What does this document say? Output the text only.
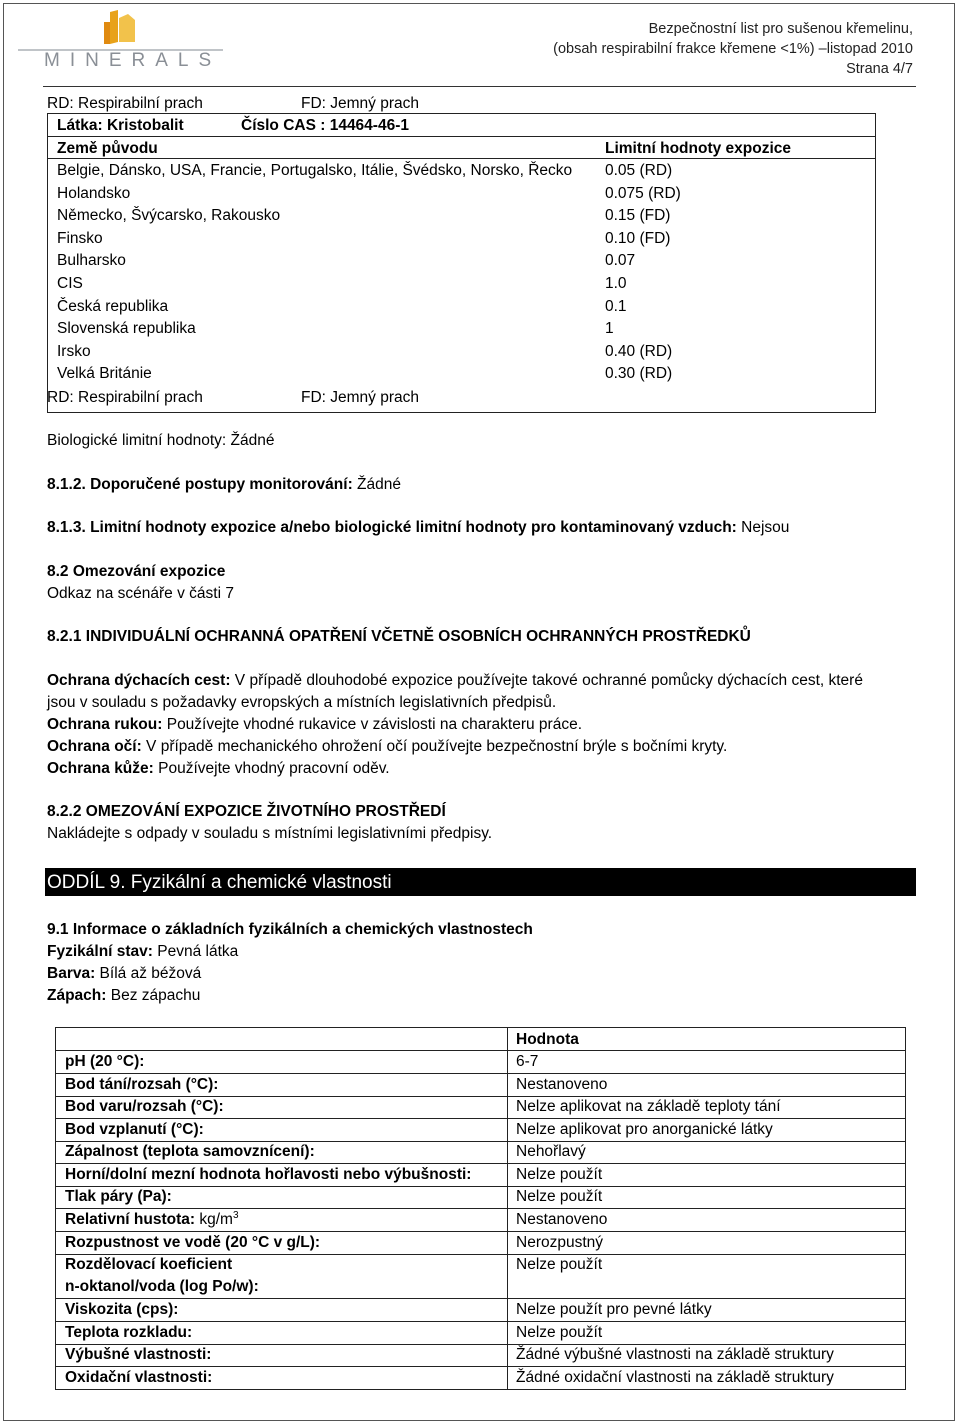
MINERALS
Bezpečnostní list pro sušenou křemelinu,
(obsah respirabilní frakce křemene <1%) –listopad 2010
Strana 4/7
RD: Respirabilní prach	FD: Jemný prach
Látka: Kristobalit	Číslo CAS : 14464-46-1
Země původu	Limitní hodnoty expozice
Belgie, Dánsko, USA, Francie, Portugalsko, Itálie, Švédsko, Norsko, Řecko 0.05 (RD)
Holandsko	0.075 (RD)
Německo, Švýcarsko, Rakousko	0.15 (FD)
Finsko	0.10 (FD)
Bulharsko	0.07
CIS	1.0
Česká republika	0.1
Slovenská republika	1
Irsko	0.40 (RD)
Velká Británie	0.30 (RD)
RD: Respirabilní prach	FD: Jemný prach
Biologické limitní hodnoty: Žádné
8.1.2. Doporučené postupy monitorování: Žádné
8.1.3. Limitní hodnoty expozice a/nebo biologické limitní hodnoty pro kontaminovaný vzduch: Nejsou
8.2 Omezování expozice
Odkaz na scénáře v části 7
8.2.1 INDIVIDUÁLNÍ OCHRANNÁ OPATŘENÍ VČETNĚ OSOBNÍCH OCHRANNÝCH PROSTŘEDKŮ
Ochrana dýchacích cest: V případě dlouhodobé expozice používejte takové ochranné pomůcky dýchacích cest, které
jsou v souladu s požadavky evropských a místních legislativních předpisů.
Ochrana rukou: Používejte vhodné rukavice v závislosti na charakteru práce.
Ochrana očí: V případě mechanického ohrožení očí používejte bezpečnostní brýle s bočními kryty.
Ochrana kůže: Používejte vhodný pracovní oděv.
8.2.2 OMEZOVÁNÍ EXPOZICE ŽIVOTNÍHO PROSTŘEDÍ
Nakládejte s odpady v souladu s místními legislativními předpisy.
ODDÍL 9. Fyzikální a chemické vlastnosti
9.1 Informace o základních fyzikálních a chemických vlastnostech
Fyzikální stav: Pevná látka
Barva: Bílá až béžová
Zápach: Bez zápachu
Hodnota
pH (20 °C):	6-7
Bod tání/rozsah (°C):	Nestanoveno
Bod varu/rozsah (°C):	Nelze aplikovat na základě teploty tání
Bod vzplanutí (°C):	Nelze aplikovat pro anorganické látky
Zápalnost (teplota samovznícení):	Nehořlavý
Horní/dolní mezní hodnota hořlavosti nebo výbušnosti:	Nelze použít
Tlak páry (Pa):	Nelze použít
Relativní hustota: $kg/m^3$	Nestanoveno
Rozpustnost ve vodě (20 °C v g/L):	Nerozpustný
Rozdělovací koeficient
n-oktanol/voda (log Po/w):
Nelze použít
Viskozita (cps):	Nelze použít pro pevné látky
Teplota rozkladu:	Nelze použít
Výbušné vlastnosti:	Žádné výbušné vlastnosti na základě struktury
Oxidační vlastnosti:	Žádné oxidační vlastnosti na základě struktury
